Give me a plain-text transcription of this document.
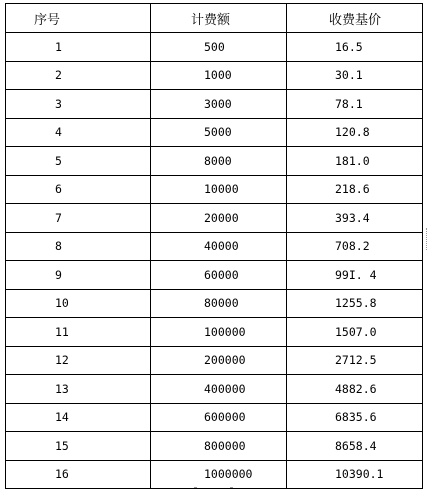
序号	计费额	收费基价
1	500	16.5
2	1000	30.1
3	3000	78.1
4	5000	120.8
5	8000	181.0
6	10000	218.6
7	20000	393.4
8	40000	708.2
9	60000	99I. 4
10	80000	1255.8
11	100000	1507.0
12	200000	2712.5
13	400000	4882.6
14	600000	6835.6
15	800000	8658.4
16	1000000	10390.1
